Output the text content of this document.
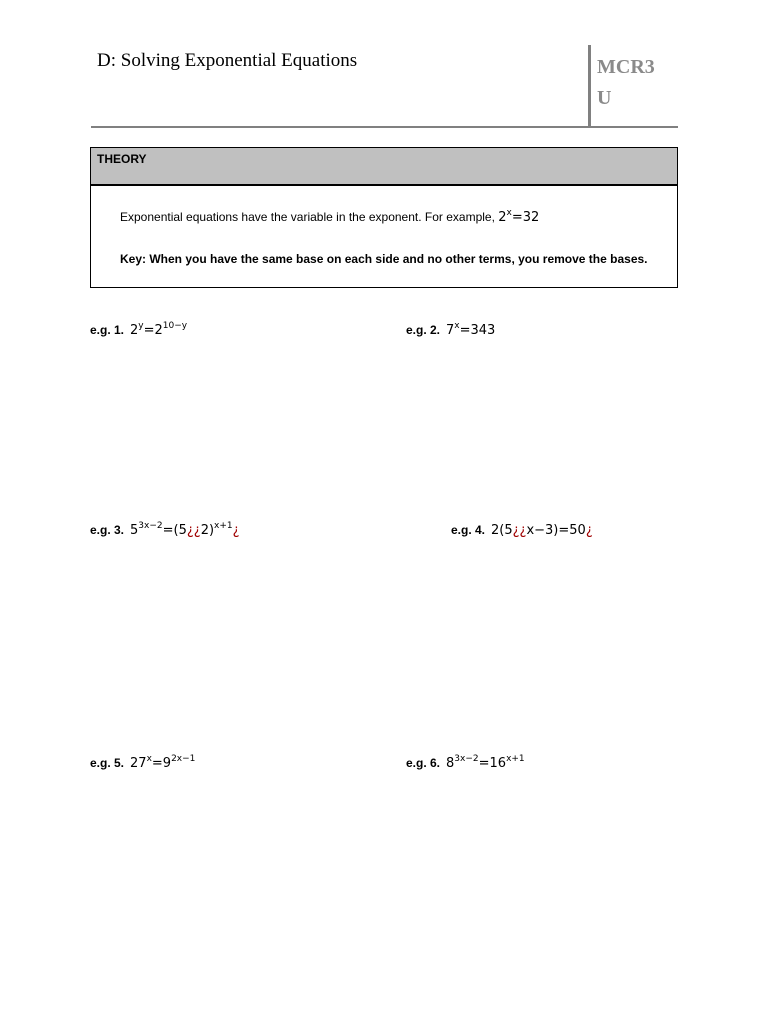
D: Solving Exponential Equations	MCR3 U
THEORY
Exponential equations have the variable in the exponent. For example, $2^x=32$
Key: When you have the same base on each side and no other terms, you remove the bases.
e.g. 1. $2^y=2^{10-y}$	e.g. 2. $7^x=343$
e.g. 3. $5^{3x-2}=(5¿¿2)^{x+1}¿$	e.g. 4. 2(5¿¿x−3)=50¿
e.g. 5. $27^x=9^{2x-1}$	e.g. 6. $8^{3x-2}=16^{x+1}$
